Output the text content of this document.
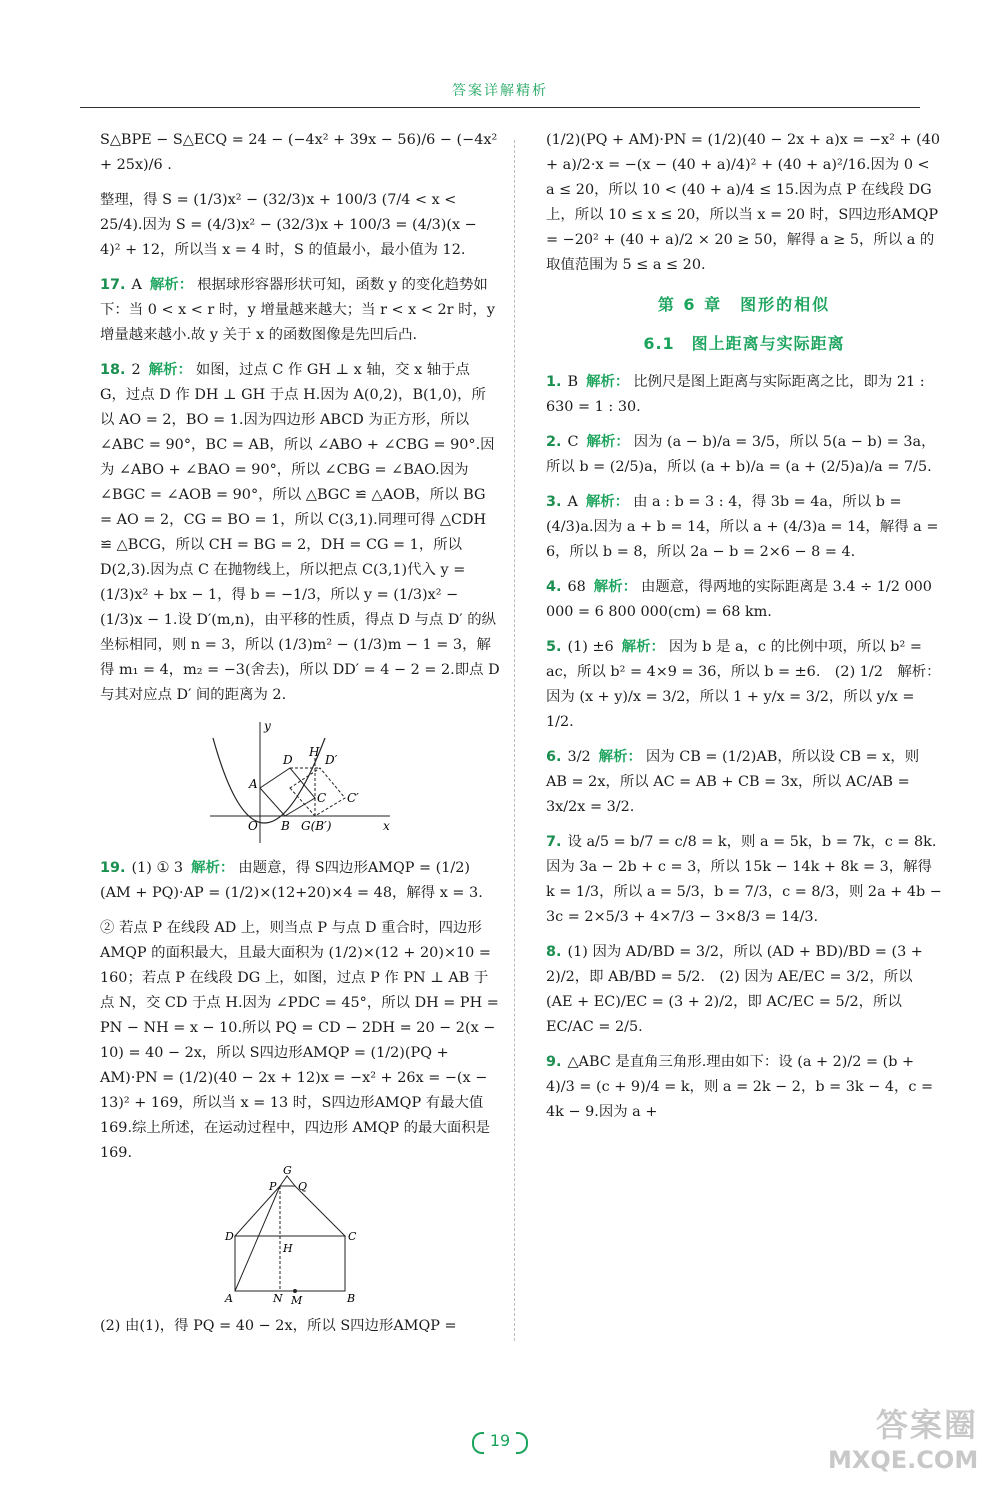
答案详解精析

S△BPE − S△ECQ = 24 − (−4x² + 39x − 56)/6 − (−4x² + 25x)/6 .

整理，得 S = (1/3)x² − (32/3)x + 100/3 (7/4 < x < 25/4).因为 S = (4/3)x² − (32/3)x + 100/3 = (4/3)(x − 4)² + 12，所以当 x = 4 时，S 的值最小，最小值为 12.

17. A 解析： 根据球形容器形状可知，函数 y 的变化趋势如下：当 0 < x < r 时，y 增量越来越大；当 r < x < 2r 时，y 增量越来越小.故 y 关于 x 的函数图像是先凹后凸.
18. 2 解析： 如图，过点 C 作 GH ⊥ x 轴，交 x 轴于点 G，过点 D 作 DH ⊥ GH 于点 H.因为 A(0,2)，B(1,0)，所以 AO = 2，BO = 1.因为四边形 ABCD 为正方形，所以 ∠ABC = 90°，BC = AB，所以 ∠ABO + ∠CBG = 90°.因为 ∠ABO + ∠BAO = 90°，所以 ∠CBG = ∠BAO.因为 ∠BGC = ∠AOB = 90°，所以 △BGC ≌ △AOB，所以 BG = AO = 2，CG = BO = 1，所以 C(3,1).同理可得 △CDH ≌ △BCG，所以 CH = BG = 2，DH = CG = 1，所以 D(2,3).因为点 C 在抛物线上，所以把点 C(3,1)代入 y = (1/3)x² + bx − 1，得 b = −1/3，所以 y = (1/3)x² − (1/3)x − 1.设 D′(m,n)，由平移的性质，得点 D 与点 D′ 的纵坐标相同，则 n = 3，所以 (1/3)m² − (1/3)m − 1 = 3，解得 m₁ = 4，m₂ = −3(舍去)，所以 DD′ = 4 − 2 = 2.即点 D 与其对应点 D′ 间的距离为 2.
x
y
O
A
B
C
D
H
D′
C′
G(B′)
19. (1) ① 3 解析： 由题意，得 S四边形AMQP = (1/2)(AM + PQ)·AP = (1/2)×(12+20)×4 = 48，解得 x = 3.

② 若点 P 在线段 AD 上，则当点 P 与点 D 重合时，四边形 AMQP 的面积最大，且最大面积为 (1/2)×(12 + 20)×10 = 160；若点 P 在线段 DG 上，如图，过点 P 作 PN ⊥ AB 于点 N，交 CD 于点 H.因为 ∠PDC = 45°，所以 DH = PH = PN − NH = x − 10.所以 PQ = CD − 2DH = 20 − 2(x − 10) = 40 − 2x，所以 S四边形AMQP = (1/2)(PQ + AM)·PN = (1/2)(40 − 2x + 12)x = −x² + 26x = −(x − 13)² + 169，所以当 x = 13 时，S四边形AMQP 有最大值 169.综上所述，在运动过程中，四边形 AMQP 的最大面积是 169.

G
P Q
D	C
H
A	N M	B

(2) 由(1)，得 PQ = 40 − 2x，所以 S四边形AMQP =

(1/2)(PQ + AM)·PN = (1/2)(40 − 2x + a)x = −x² + (40 + a)/2·x = −(x − (40 + a)/4)² + (40 + a)²/16.因为 0 < a ≤ 20，所以 10 < (40 + a)/4 ≤ 15.因为点 P 在线段 DG 上，所以 10 ≤ x ≤ 20，所以当 x = 20 时，S四边形AMQP = −20² + (40 + a)/2 × 20 ≥ 50，解得 a ≥ 5，所以 a 的取值范围为 5 ≤ a ≤ 20.

第 6 章　图形的相似
6.1　图上距离与实际距离
1. B 解析： 比例尺是图上距离与实际距离之比，即为 21 : 630 = 1 : 30.
2. C 解析： 因为 (a − b)/a = 3/5，所以 5(a − b) = 3a，所以 b = (2/5)a，所以 (a + b)/a = (a + (2/5)a)/a = 7/5.
3. A 解析： 由 a : b = 3 : 4，得 3b = 4a，所以 b = (4/3)a.因为 a + b = 14，所以 a + (4/3)a = 14，解得 a = 6，所以 b = 8，所以 2a − b = 2×6 − 8 = 4.
4. 68 解析： 由题意，得两地的实际距离是 3.4 ÷ 1/2 000 000 = 6 800 000(cm) = 68 km.
5. (1) ±6 解析： 因为 b 是 a，c 的比例中项，所以 b² = ac，所以 b² = 4×9 = 36，所以 b = ±6.　(2) 1/2　解析：因为 (x + y)/x = 3/2，所以 1 + y/x = 3/2，所以 y/x = 1/2.
6. 3/2 解析： 因为 CB = (1/2)AB，所以设 CB = x，则 AB = 2x，所以 AC = AB + CB = 3x，所以 AC/AB = 3x/2x = 3/2.
7. 设 a/5 = b/7 = c/8 = k，则 a = 5k，b = 7k，c = 8k.因为 3a − 2b + c = 3，所以 15k − 14k + 8k = 3，解得 k = 1/3，所以 a = 5/3，b = 7/3，c = 8/3，则 2a + 4b − 3c = 2×5/3 + 4×7/3 − 3×8/3 = 14/3.
8. (1) 因为 AD/BD = 3/2，所以 (AD + BD)/BD = (3 + 2)/2，即 AB/BD = 5/2.　(2) 因为 AE/EC = 3/2，所以 (AE + EC)/EC = (3 + 2)/2，即 AC/EC = 5/2，所以 EC/AC = 2/5.
9. △ABC 是直角三角形.理由如下：设 (a + 2)/2 = (b + 4)/3 = (c + 9)/4 = k，则 a = 2k − 2，b = 3k − 4，c = 4k − 9.因为 a +
19	答案圈
MXQE.COM
